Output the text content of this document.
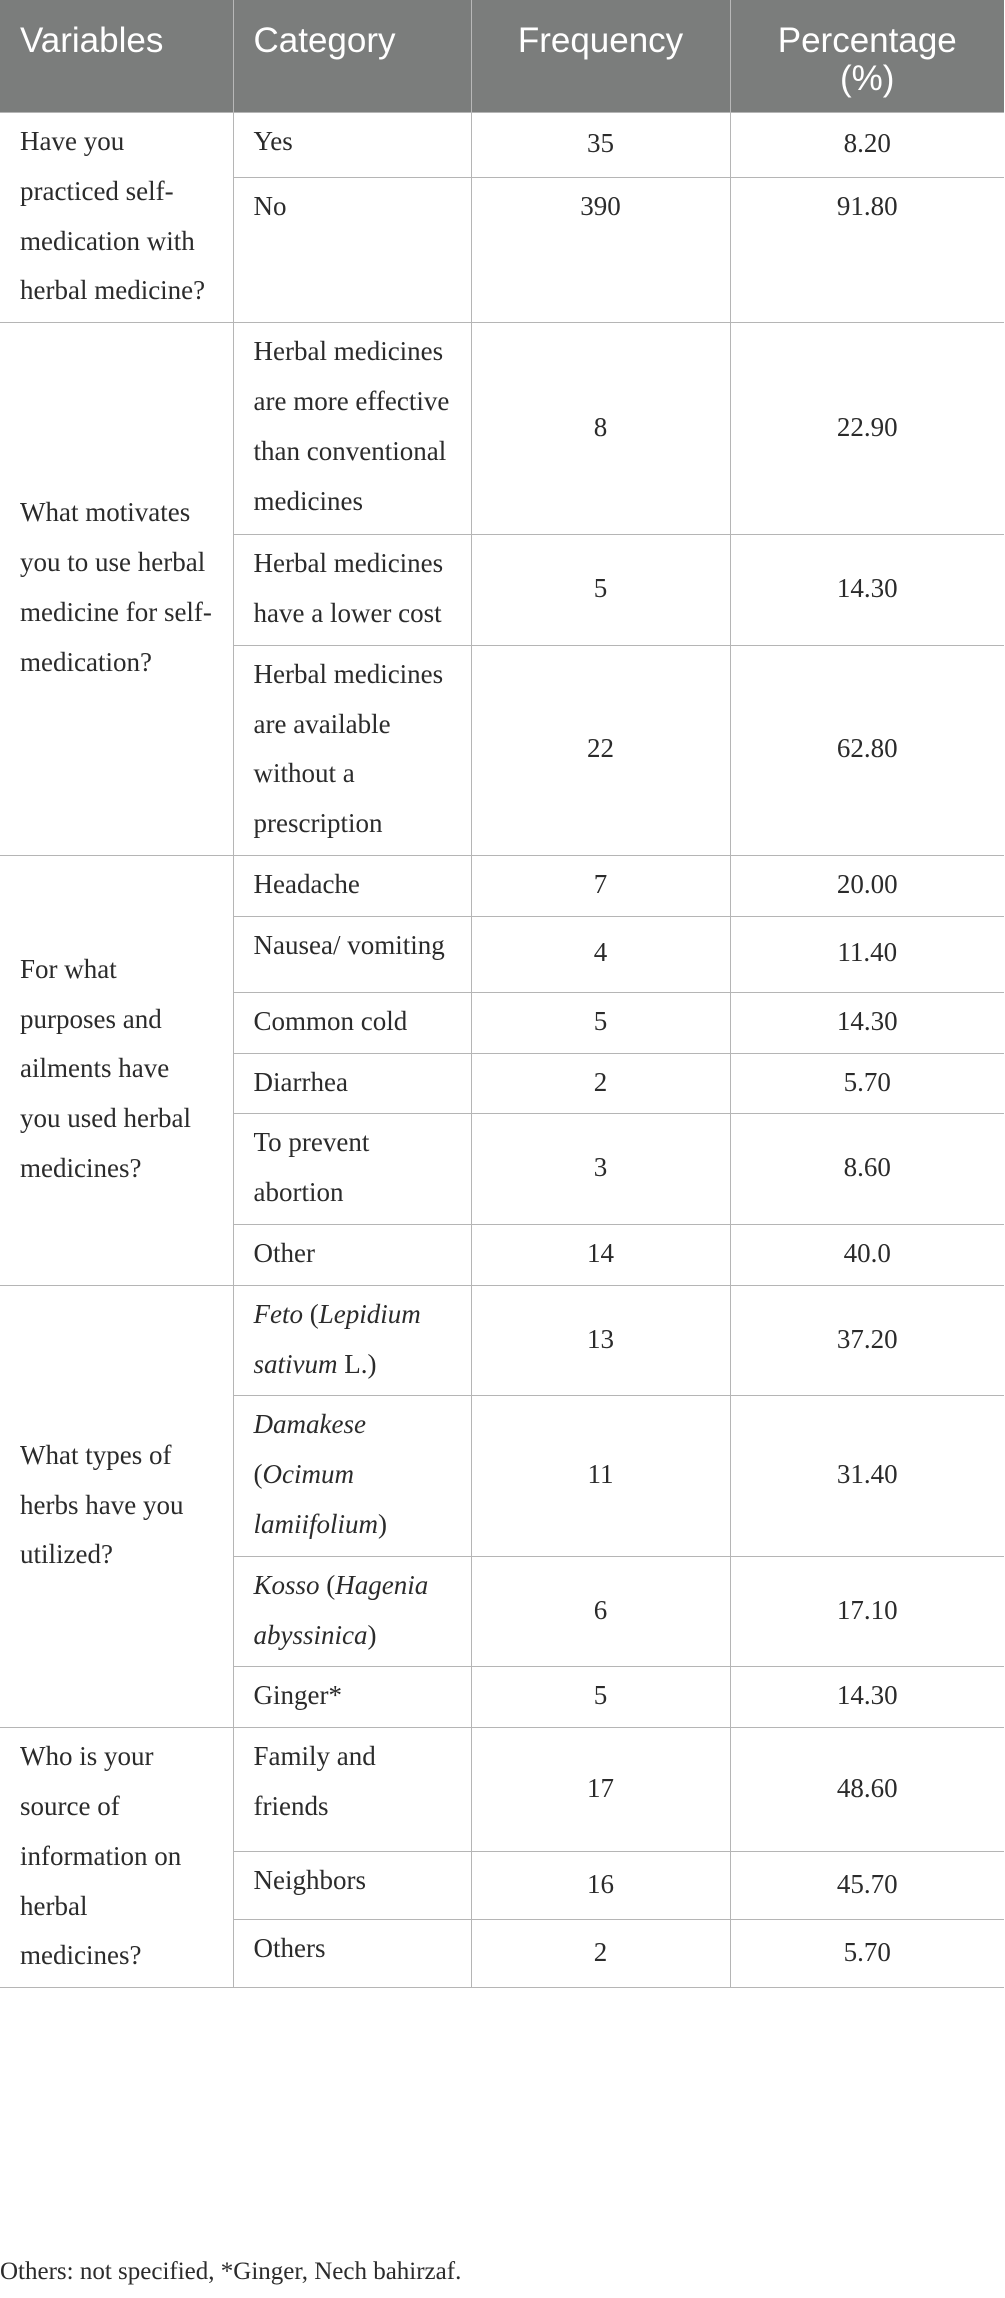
Variables	Category	Frequency	Percentage (%)
Have you practiced self-medication with herbal medicine?	Yes	35	8.20
	No	390	91.80
What motivates you to use herbal medicine for self-medication?	Herbal medicines are more effective than conventional medicines	8	22.90
	Herbal medicines have a lower cost	5	14.30
	Herbal medicines are available without a prescription	22	62.80
For what purposes and ailments have you used herbal medicines?	Headache	7	20.00
	Nausea/ vomiting	4	11.40
	Common cold	5	14.30
	Diarrhea	2	5.70
	To prevent abortion	3	8.60
	Other	14	40.0
What types of herbs have you utilized?	Feto (Lepidium sativum L.)	13	37.20
	Damakese (Ocimum lamiifolium)	11	31.40
	Kosso (Hagenia abyssinica)	6	17.10
	Ginger*	5	14.30
Who is your source of information on herbal medicines?	Family and friends	17	48.60
	Neighbors	16	45.70
	Others	2	5.70
Others: not specified, *Ginger, Nech bahirzaf.
